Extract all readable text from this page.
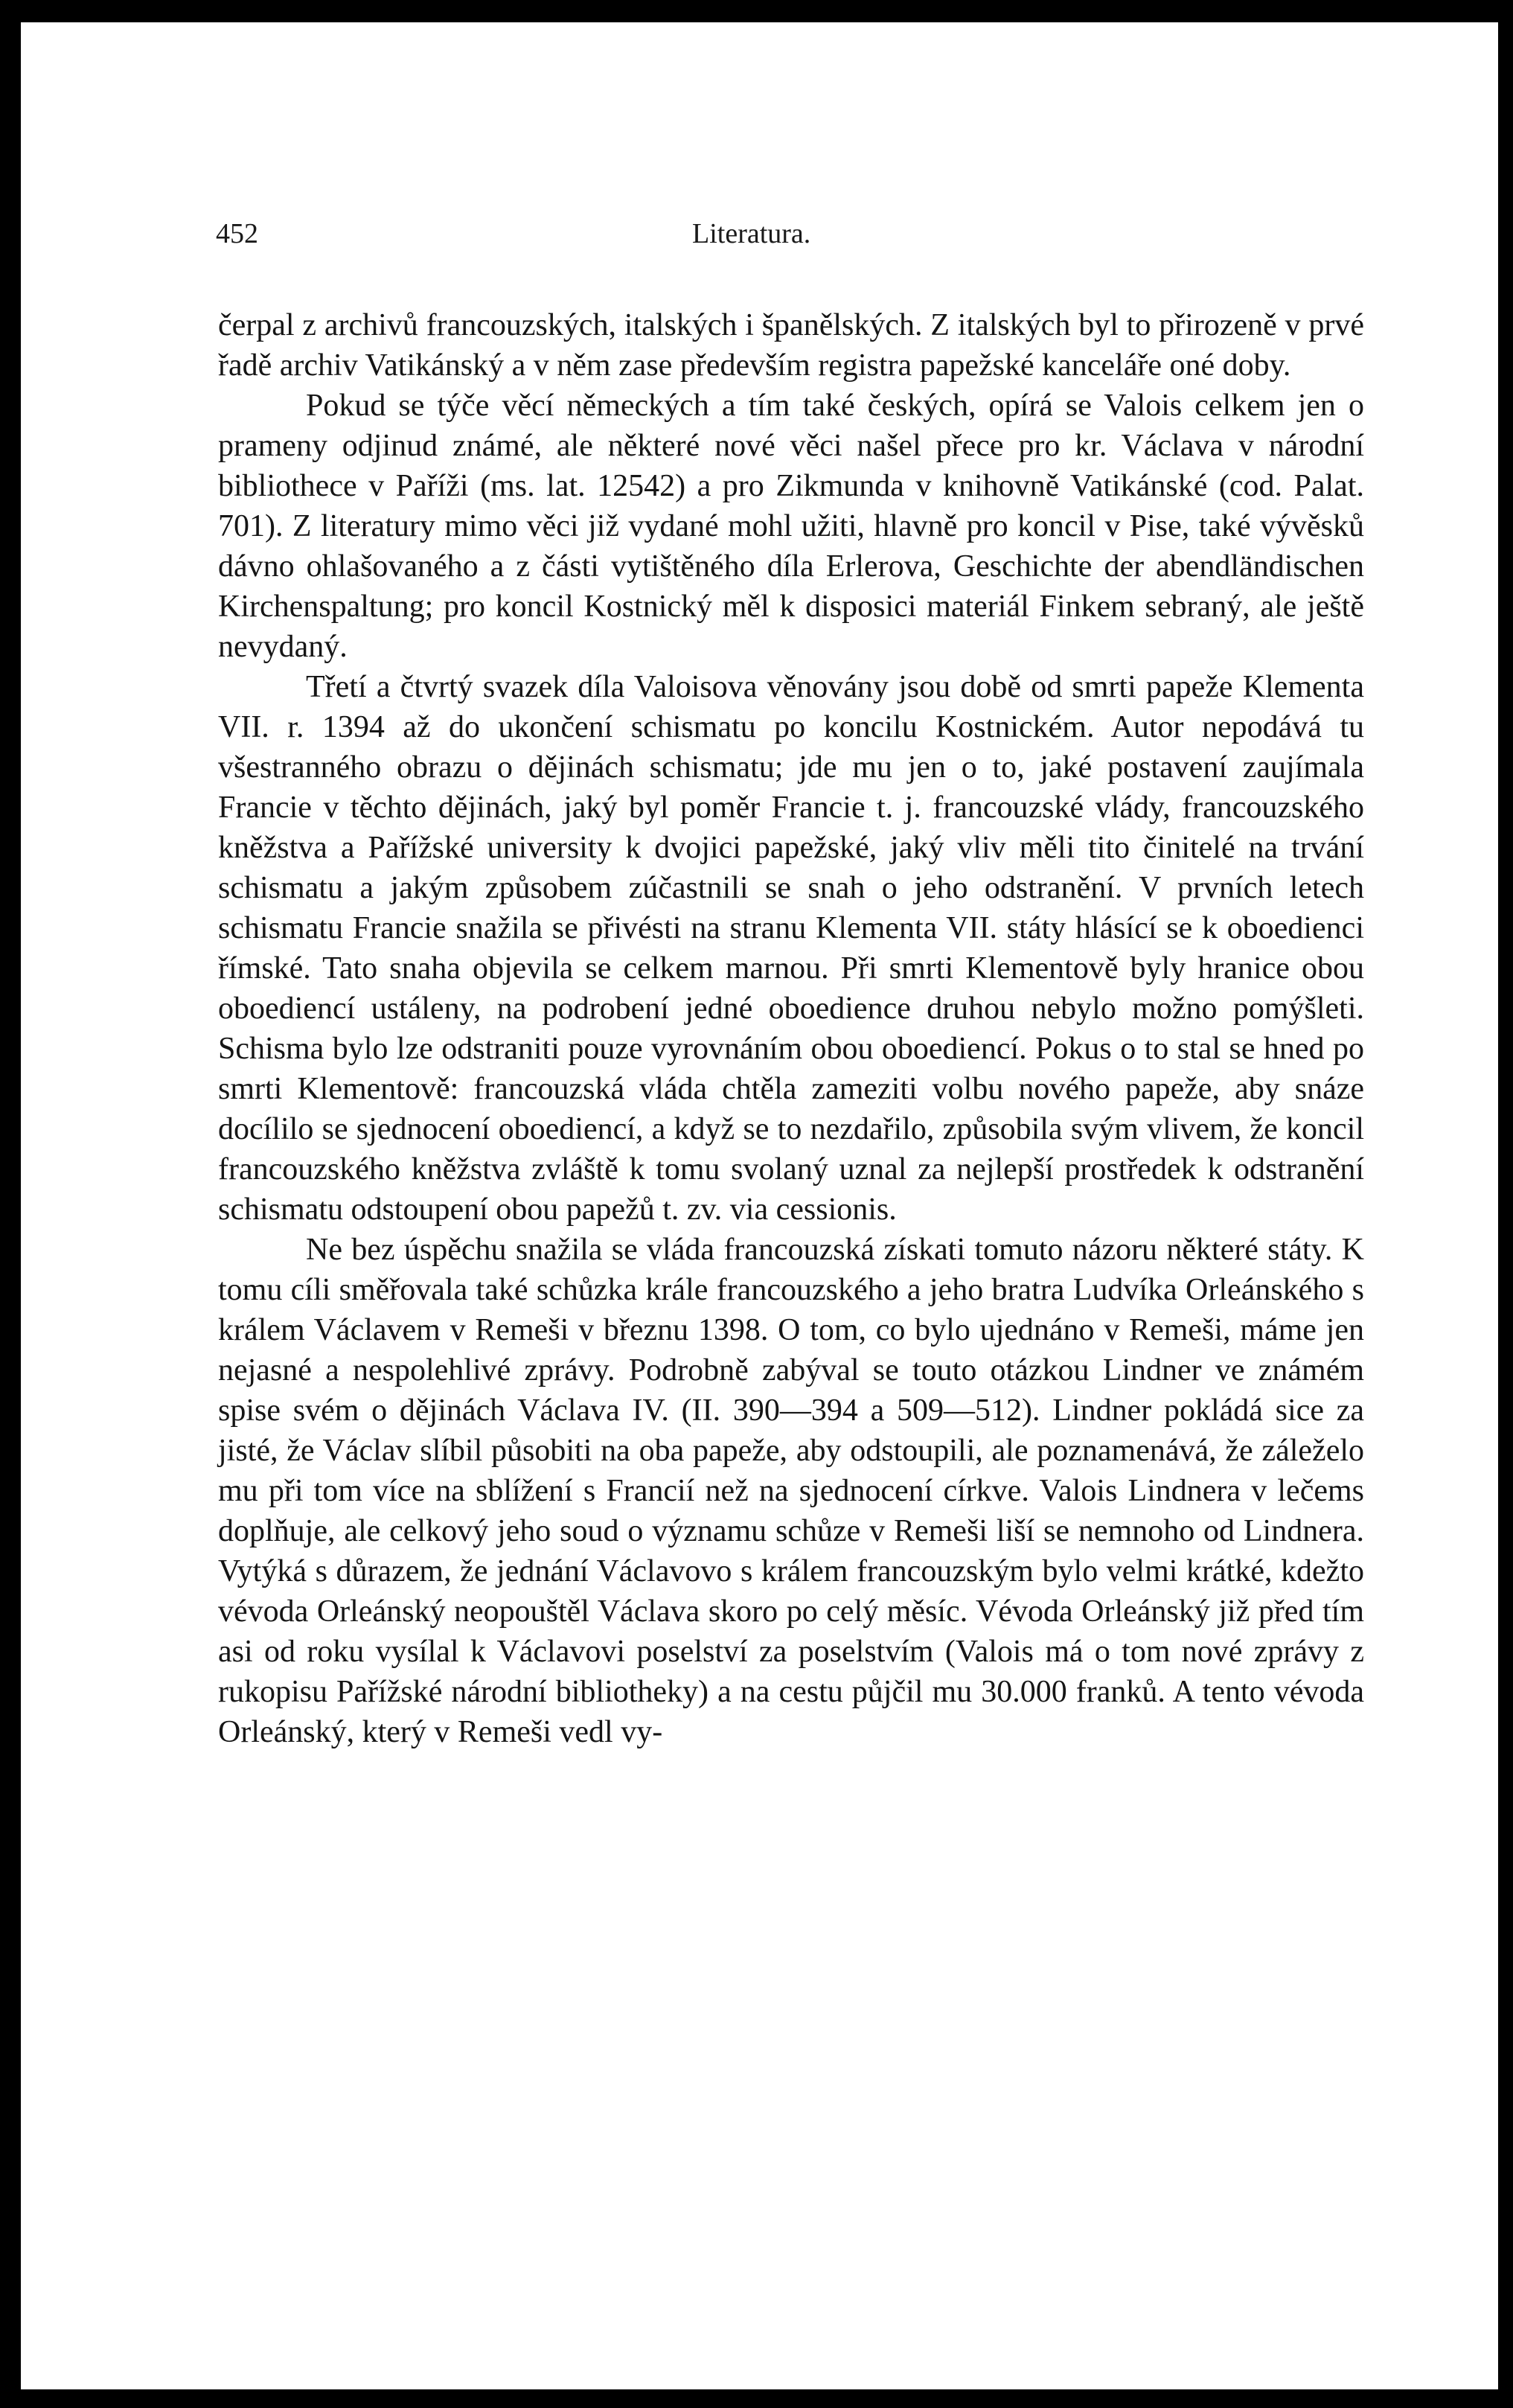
452	Literatura.

čerpal z archivů francouzských, italských i španělských. Z italských byl to přirozeně v prvé řadě archiv Vatikánský a v něm zase především registra papežské kanceláře oné doby.

Pokud se týče věcí německých a tím také českých, opírá se Valois celkem jen o prameny odjinud známé, ale některé nové věci našel přece pro kr. Václava v národní bibliothece v Paříži (ms. lat. 12542) a pro Zikmunda v knihovně Vatikánské (cod. Palat. 701). Z literatury mimo věci již vydané mohl užiti, hlavně pro koncil v Pise, také vývěsků dávno ohlašovaného a z části vytištěného díla Erlerova, Geschichte der abendländischen Kirchenspaltung; pro koncil Kostnický měl k disposici materiál Finkem sebraný, ale ještě nevydaný.

Třetí a čtvrtý svazek díla Valoisova věnovány jsou době od smrti papeže Klementa VII. r. 1394 až do ukončení schismatu po koncilu Kostnickém. Autor nepodává tu všestranného obrazu o dějinách schismatu; jde mu jen o to, jaké postavení zaujímala Francie v těchto dějinách, jaký byl poměr Francie t. j. francouzské vlády, francouzského kněžstva a Pařížské university k dvojici papežské, jaký vliv měli tito činitelé na trvání schismatu a jakým způsobem zúčastnili se snah o jeho odstranění. V prvních letech schismatu Francie snažila se přivésti na stranu Klementa VII. státy hlásící se k oboedienci římské. Tato snaha objevila se celkem marnou. Při smrti Klementově byly hranice obou oboediencí ustáleny, na podrobení jedné oboedience druhou nebylo možno pomýšleti. Schisma bylo lze odstraniti pouze vyrovnáním obou oboediencí. Pokus o to stal se hned po smrti Klementově: francouzská vláda chtěla zameziti volbu nového papeže, aby snáze docílilo se sjednocení oboediencí, a když se to nezdařilo, způsobila svým vlivem, že koncil francouzského kněžstva zvláště k tomu svolaný uznal za nejlepší prostředek k odstranění schismatu odstoupení obou papežů t. zv. via cessionis.

Ne bez úspěchu snažila se vláda francouzská získati tomuto názoru některé státy. K tomu cíli směřovala také schůzka krále francouzského a jeho bratra Ludvíka Orleánského s králem Václavem v Remeši v březnu 1398. O tom, co bylo ujednáno v Remeši, máme jen nejasné a nespolehlivé zprávy. Podrobně zabýval se touto otázkou Lindner ve známém spise svém o dějinách Václava IV. (II. 390—394 a 509—512). Lindner pokládá sice za jisté, že Václav slíbil působiti na oba papeže, aby odstoupili, ale poznamenává, že záleželo mu při tom více na sblížení s Francií než na sjednocení církve. Valois Lindnera v lečems doplňuje, ale celkový jeho soud o významu schůze v Remeši liší se nemnoho od Lindnera. Vytýká s důrazem, že jednání Václavovo s králem francouzským bylo velmi krátké, kdežto vévoda Orleánský neopouštěl Václava skoro po celý měsíc. Vévoda Orleánský již před tím asi od roku vysílal k Václavovi poselství za poselstvím (Valois má o tom nové zprávy z rukopisu Pařížské národní bibliotheky) a na cestu půjčil mu 30.000 franků. A tento vévoda Orleánský, který v Remeši vedl vy-
